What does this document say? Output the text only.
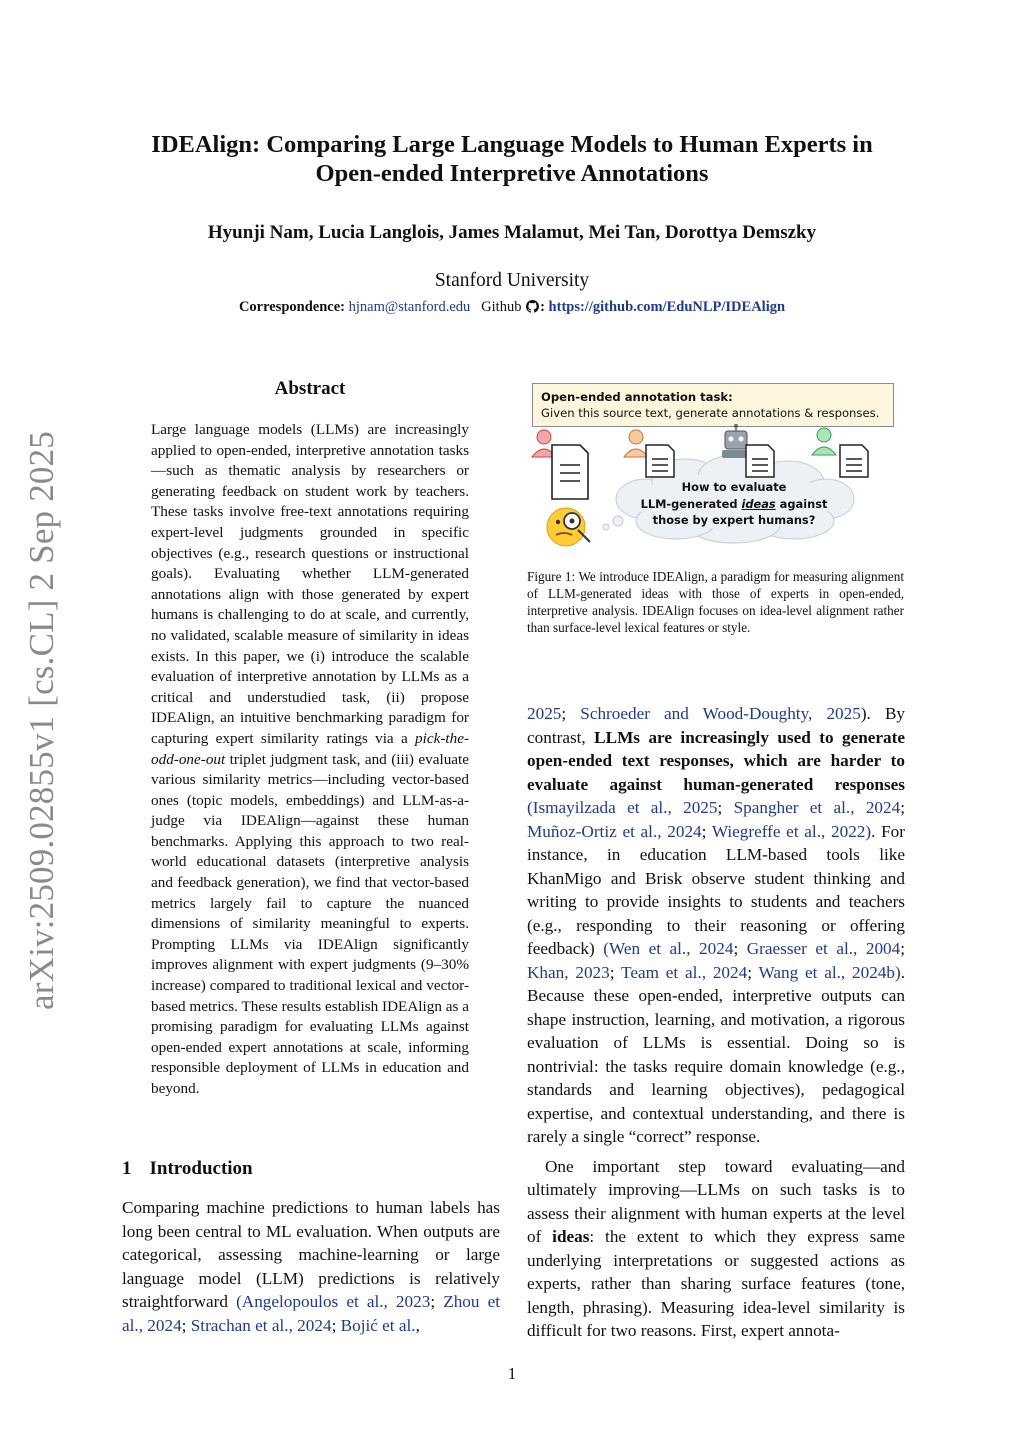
arXiv:2509.02855v1 [cs.CL] 2 Sep 2025
IDEAlign: Comparing Large Language Models to Human Experts in
Open-ended Interpretive Annotations
Hyunji Nam, Lucia Langlois, James Malamut, Mei Tan, Dorottya Demszky
Stanford University
Correspondence: hjnam@stanford.edu Github : https://github.com/EduNLP/IDEAlign
Abstract
Large language models (LLMs) are increasingly applied to open-ended, interpretive annotation tasks—such as thematic analysis by researchers or generating feedback on student work by teachers. These tasks involve free-text annotations requiring expert-level judgments grounded in specific objectives (e.g., research questions or instructional goals). Evaluating whether LLM-generated annotations align with those generated by expert humans is challenging to do at scale, and currently, no validated, scalable measure of similarity in ideas exists. In this paper, we (i) introduce the scalable evaluation of interpretive annotation by LLMs as a critical and understudied task, (ii) propose IDEAlign, an intuitive benchmarking paradigm for capturing expert similarity ratings via a pick-the-odd-one-out triplet judgment task, and (iii) evaluate various similarity metrics—including vector-based ones (topic models, embeddings) and LLM-as-a-judge via IDEAlign—against these human benchmarks. Applying this approach to two real-world educational datasets (interpretive analysis and feedback generation), we find that vector-based metrics largely fail to capture the nuanced dimensions of similarity meaningful to experts. Prompting LLMs via IDEAlign significantly improves alignment with expert judgments (9–30% increase) compared to traditional lexical and vector-based metrics. These results establish IDEAlign as a promising paradigm for evaluating LLMs against open-ended expert annotations at scale, informing responsible deployment of LLMs in education and beyond.
1 Introduction
Comparing machine predictions to human labels has long been central to ML evaluation. When outputs are categorical, assessing machine-learning or large language model (LLM) predictions is relatively straightforward (Angelopoulos et al., 2023; Zhou et al., 2024; Strachan et al., 2024; Bojić et al.,
Open-ended annotation task:
Given this source text, generate annotations & responses.
How to evaluate
LLM-generated ideas against
those by expert humans?
Figure 1: We introduce IDEAlign, a paradigm for measuring alignment of LLM-generated ideas with those of experts in open-ended, interpretive analysis. IDEAlign focuses on idea-level alignment rather than surface-level lexical features or style.

2025; Schroeder and Wood-Doughty, 2025). By contrast, LLMs are increasingly used to generate open-ended text responses, which are harder to evaluate against human-generated responses (Ismayilzada et al., 2025; Spangher et al., 2024; Muñoz-Ortiz et al., 2024; Wiegreffe et al., 2022). For instance, in education LLM-based tools like KhanMigo and Brisk observe student thinking and writing to provide insights to students and teachers (e.g., responding to their reasoning or offering feedback) (Wen et al., 2024; Graesser et al., 2004; Khan, 2023; Team et al., 2024; Wang et al., 2024b). Because these open-ended, interpretive outputs can shape instruction, learning, and motivation, a rigorous evaluation of LLMs is essential. Doing so is nontrivial: the tasks require domain knowledge (e.g., standards and learning objectives), pedagogical expertise, and contextual understanding, and there is rarely a single “correct” response.

One important step toward evaluating—and ultimately improving—LLMs on such tasks is to assess their alignment with human experts at the level of ideas: the extent to which they express same underlying interpretations or suggested actions as experts, rather than sharing surface features (tone, length, phrasing). Measuring idea-level similarity is difficult for two reasons. First, expert annota-

1
